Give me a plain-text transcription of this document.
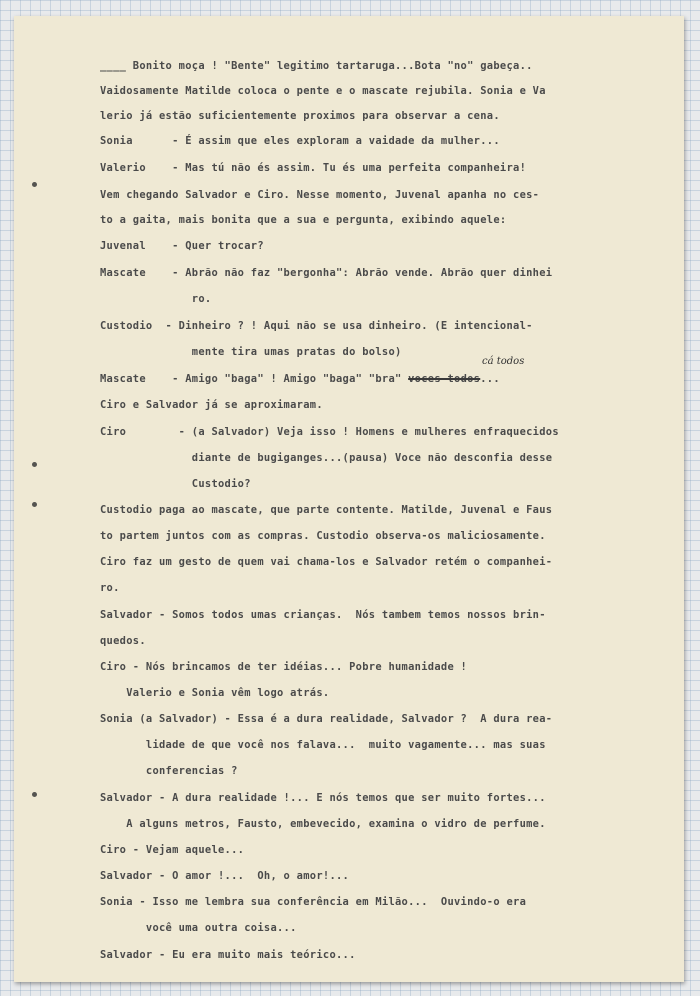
cá todos
____ Bonito moça ! "Bente" legitimo tartaruga...Bota "no" gabeça..
Vaidosamente Matilde coloca o pente e o mascate rejubila. Sonia e Va
lerio já estão suficientemente proximos para observar a cena.
Sonia      - É assim que eles exploram a vaidade da mulher...
Valerio    - Mas tú não és assim. Tu és uma perfeita companheira!
Vem chegando Salvador e Ciro. Nesse momento, Juvenal apanha no ces-
to a gaita, mais bonita que a sua e pergunta, exibindo aquele:
Juvenal    - Quer trocar?
Mascate    - Abrão não faz "bergonha": Abrão vende. Abrão quer dinhei
ro.
Custodio  - Dinheiro ? ! Aqui não se usa dinheiro. (E intencional-
mente tira umas pratas do bolso)
Mascate    - Amigo "baga" ! Amigo "baga" "bra" voces todos...
Ciro e Salvador já se aproximaram.
Ciro        - (a Salvador) Veja isso ! Homens e mulheres enfraquecidos
diante de bugiganges...(pausa) Voce não desconfia desse
Custodio?
Custodio paga ao mascate, que parte contente. Matilde, Juvenal e Faus
to partem juntos com as compras. Custodio observa-os maliciosamente.
Ciro faz um gesto de quem vai chama-los e Salvador retém o companhei-
ro.
Salvador - Somos todos umas crianças.  Nós tambem temos nossos brin-
quedos.
Ciro - Nós brincamos de ter idéias... Pobre humanidade !
Valerio e Sonia vêm logo atrás.
Sonia (a Salvador) - Essa é a dura realidade, Salvador ?  A dura rea-
lidade de que você nos falava...  muito vagamente... mas suas
conferencias ?
Salvador - A dura realidade !... E nós temos que ser muito fortes...
A alguns metros, Fausto, embevecido, examina o vidro de perfume.
Ciro - Vejam aquele...
Salvador - O amor !...  Oh, o amor!...
Sonia - Isso me lembra sua conferência em Milão...  Ouvindo-o era
você uma outra coisa...
Salvador - Eu era muito mais teórico...
